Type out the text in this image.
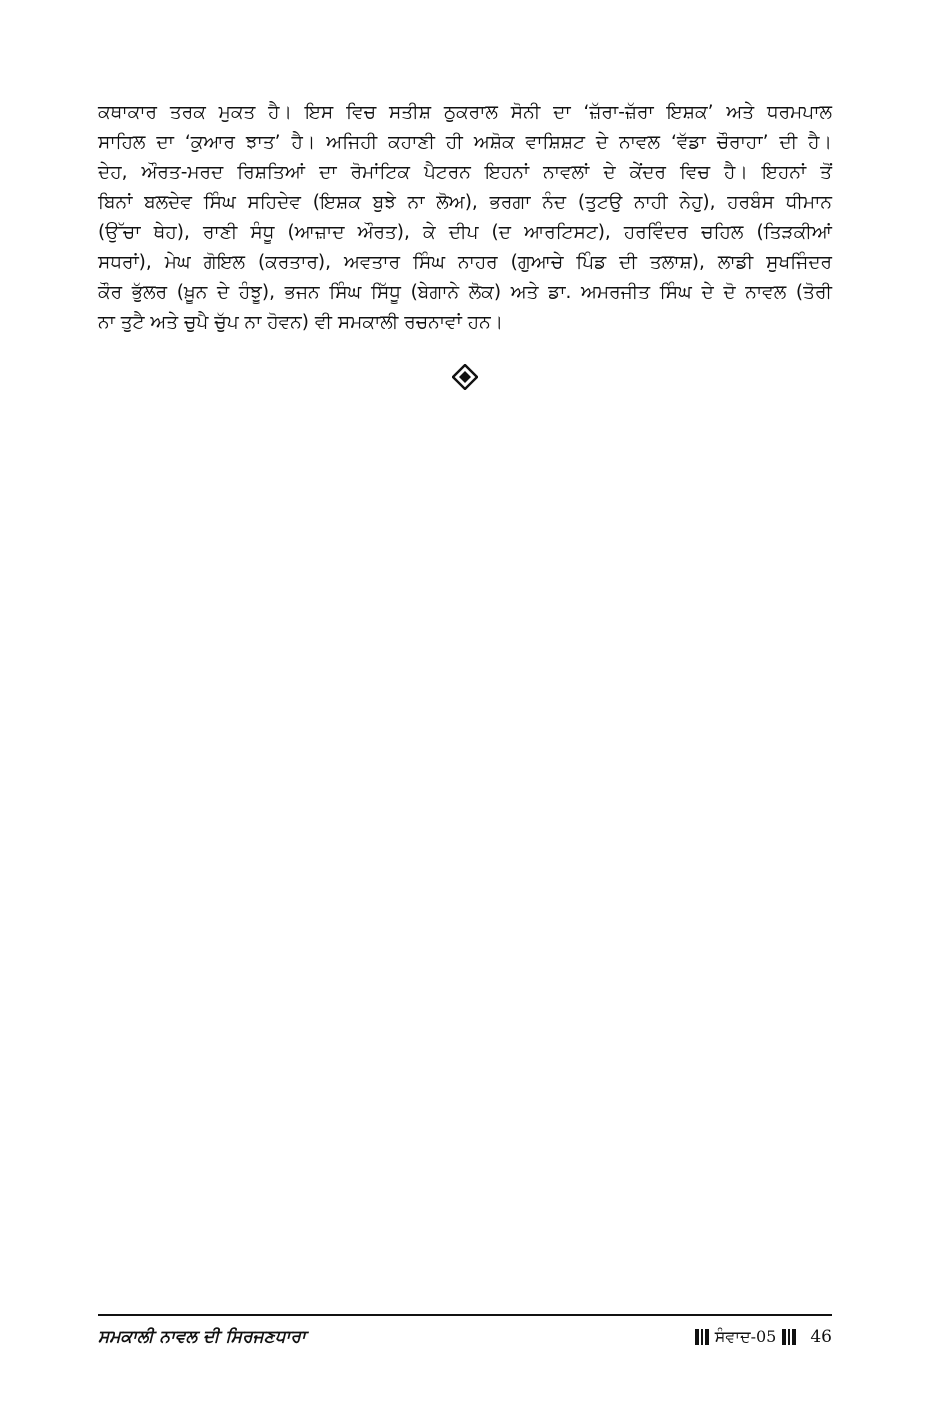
ਕਥਾਕਾਰ ਤਰਕ ਮੁਕਤ ਹੈ। ਇਸ ਵਿਚ ਸਤੀਸ਼ ਠੁਕਰਾਲ ਸੋਨੀ ਦਾ ‘ਜ਼ੱਰਾ-ਜ਼ੱਰਾ ਇਸ਼ਕ’ ਅਤੇ ਧਰਮਪਾਲ
ਸਾਹਿਲ ਦਾ ‘ਕੁਆਰ ਝਾਤ’ ਹੈ। ਅਜਿਹੀ ਕਹਾਣੀ ਹੀ ਅਸ਼ੋਕ ਵਾਸ਼ਿਸ਼ਟ ਦੇ ਨਾਵਲ ‘ਵੱਡਾ ਚੌਰਾਹਾ’ ਦੀ ਹੈ।
ਦੇਹ, ਔਰਤ-ਮਰਦ ਰਿਸ਼ਤਿਆਂ ਦਾ ਰੋਮਾਂਟਿਕ ਪੈਟਰਨ ਇਹਨਾਂ ਨਾਵਲਾਂ ਦੇ ਕੇਂਦਰ ਵਿਚ ਹੈ। ਇਹਨਾਂ ਤੋਂ
ਬਿਨਾਂ ਬਲਦੇਵ ਸਿੰਘ ਸਹਿਦੇਵ (ਇਸ਼ਕ ਬੁਝੇ ਨਾ ਲੋਅ), ਭਰਗਾ ਨੰਦ (ਤੁਟਉ ਨਾਹੀ ਨੇਹੁ), ਹਰਬੰਸ ਧੀਮਾਨ
(ਉੱਚਾ ਥੇਹ), ਰਾਣੀ ਸੰਧੂ (ਆਜ਼ਾਦ ਔਰਤ), ਕੇ ਦੀਪ (ਦ ਆਰਟਿਸਟ), ਹਰਵਿੰਦਰ ਚਹਿਲ (ਤਿੜਕੀਆਂ
ਸਧਰਾਂ), ਮੇਘ ਗੋਇਲ (ਕਰਤਾਰ), ਅਵਤਾਰ ਸਿੰਘ ਨਾਹਰ (ਗੁਆਚੇ ਪਿੰਡ ਦੀ ਤਲਾਸ਼), ਲਾਡੀ ਸੁਖਜਿੰਦਰ
ਕੌਰ ਭੁੱਲਰ (ਖ਼ੂਨ ਦੇ ਹੰਝੂ), ਭਜਨ ਸਿੰਘ ਸਿੱਧੂ (ਬੇਗਾਨੇ ਲੋਕ) ਅਤੇ ਡਾ. ਅਮਰਜੀਤ ਸਿੰਘ ਦੇ ਦੋ ਨਾਵਲ (ਤੋਰੀ
ਨਾ ਤੁਟੈ ਅਤੇ ਚੁਪੈ ਚੁੱਪ ਨਾ ਹੋਵਨ) ਵੀ ਸਮਕਾਲੀ ਰਚਨਾਵਾਂ ਹਨ।
ਸਮਕਾਲੀ ਨਾਵਲ ਦੀ ਸਿਰਜਣਧਾਰਾ	ਸੰਵਾਦ-05 46
